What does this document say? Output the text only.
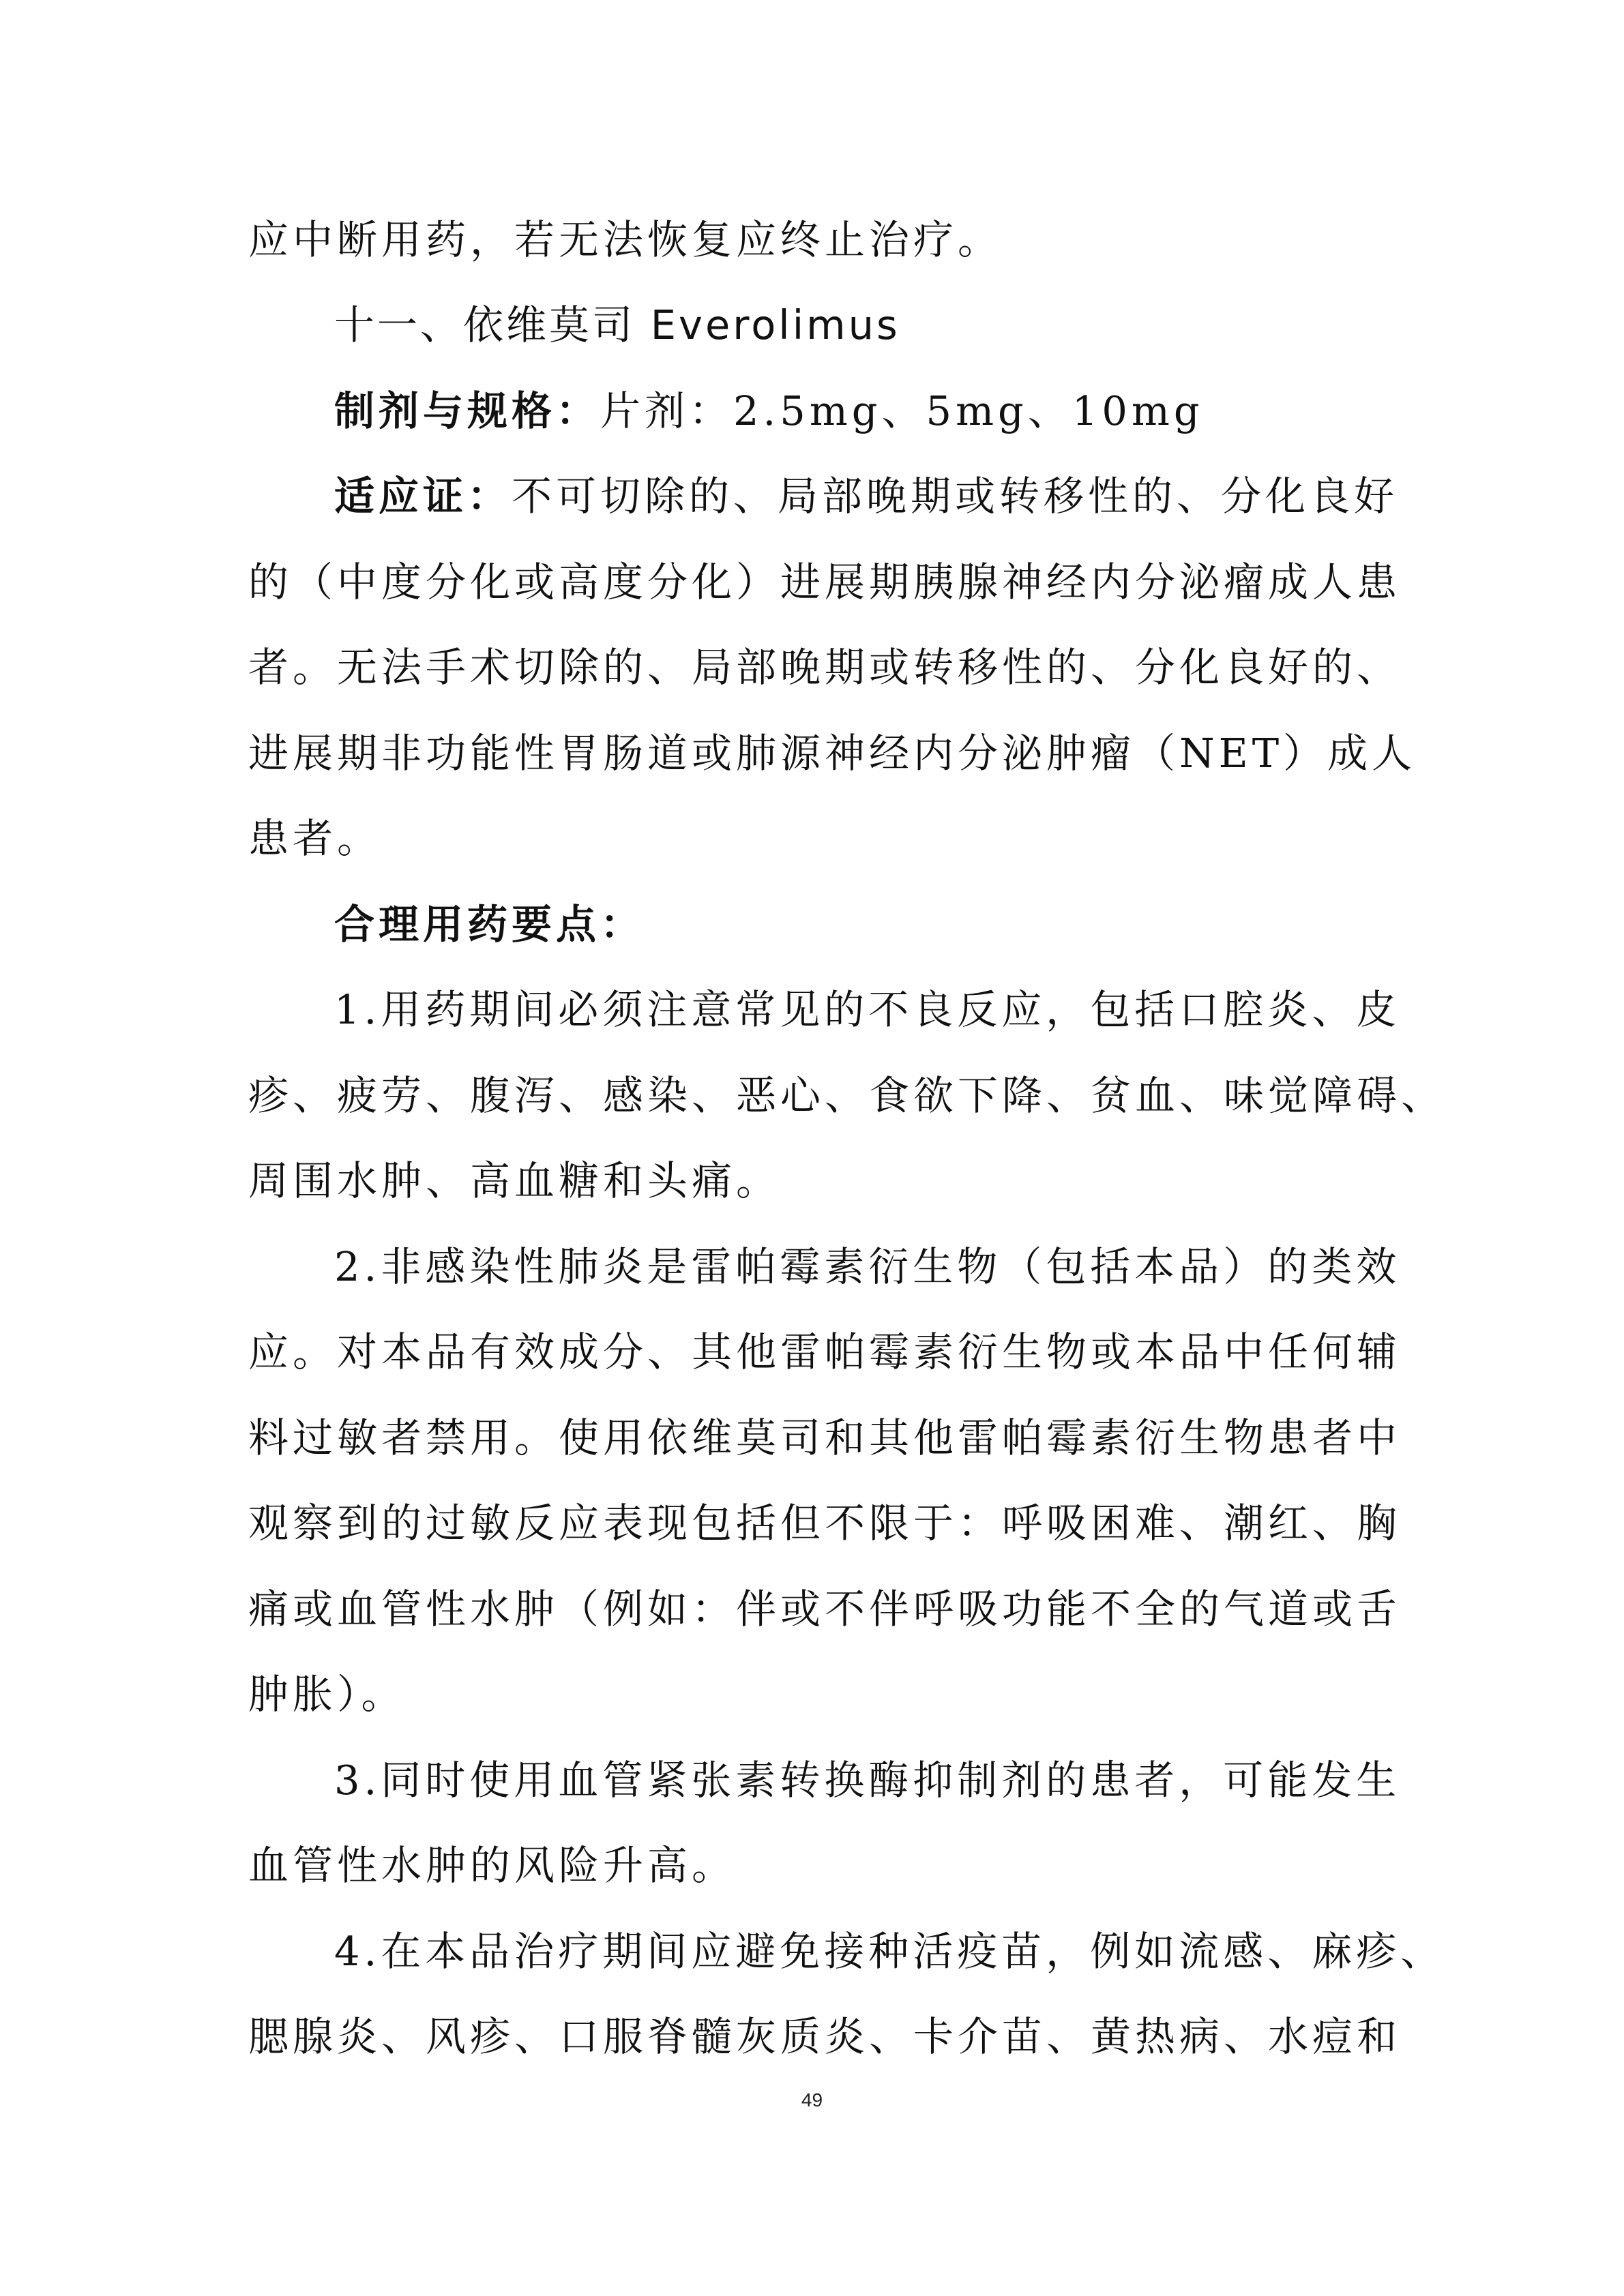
应中断用药，若无法恢复应终止治疗。
十一、依维莫司 Everolimus
制剂与规格：片剂：2.5mg、5mg、10mg
适应证：不可切除的、局部晚期或转移性的、分化良好
的（中度分化或高度分化）进展期胰腺神经内分泌瘤成人患
者。无法手术切除的、局部晚期或转移性的、分化良好的、
进展期非功能性胃肠道或肺源神经内分泌肿瘤（NET）成人
患者。
合理用药要点：
1.用药期间必须注意常见的不良反应，包括口腔炎、皮
疹、疲劳、腹泻、感染、恶心、食欲下降、贫血、味觉障碍、
周围水肿、高血糖和头痛。
2.非感染性肺炎是雷帕霉素衍生物（包括本品）的类效
应。对本品有效成分、其他雷帕霉素衍生物或本品中任何辅
料过敏者禁用。使用依维莫司和其他雷帕霉素衍生物患者中
观察到的过敏反应表现包括但不限于：呼吸困难、潮红、胸
痛或血管性水肿（例如：伴或不伴呼吸功能不全的气道或舌
肿胀）。
3.同时使用血管紧张素转换酶抑制剂的患者，可能发生
血管性水肿的风险升高。
4.在本品治疗期间应避免接种活疫苗，例如流感、麻疹、
腮腺炎、风疹、口服脊髓灰质炎、卡介苗、黄热病、水痘和
49
